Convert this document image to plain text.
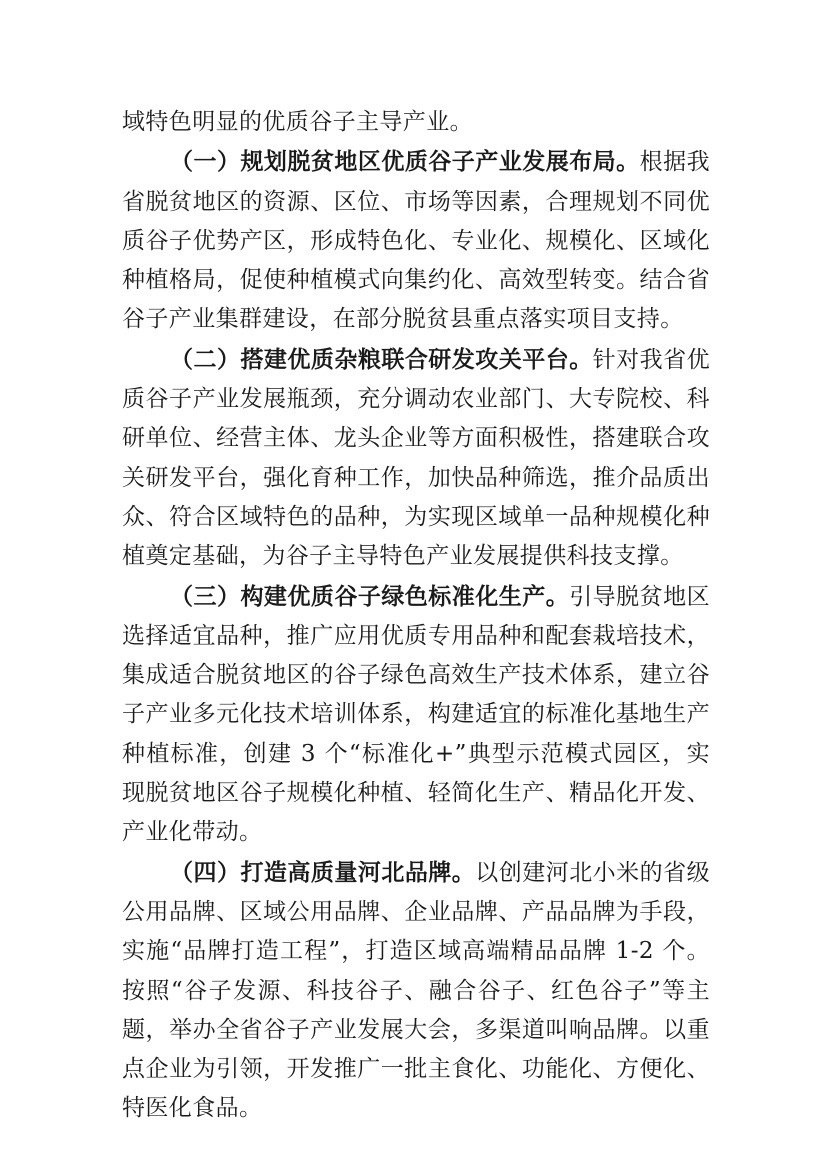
域特色明显的优质谷子主导产业。

（一）规划脱贫地区优质谷子产业发展布局。根据我省脱贫地区的资源、区位、市场等因素，合理规划不同优质谷子优势产区，形成特色化、专业化、规模化、区域化种植格局，促使种植模式向集约化、高效型转变。结合省谷子产业集群建设，在部分脱贫县重点落实项目支持。

（二）搭建优质杂粮联合研发攻关平台。针对我省优质谷子产业发展瓶颈，充分调动农业部门、大专院校、科研单位、经营主体、龙头企业等方面积极性，搭建联合攻关研发平台，强化育种工作，加快品种筛选，推介品质出众、符合区域特色的品种，为实现区域单一品种规模化种植奠定基础，为谷子主导特色产业发展提供科技支撑。

（三）构建优质谷子绿色标准化生产。引导脱贫地区选择适宜品种，推广应用优质专用品种和配套栽培技术，集成适合脱贫地区的谷子绿色高效生产技术体系，建立谷子产业多元化技术培训体系，构建适宜的标准化基地生产种植标准，创建 3 个“标准化+”典型示范模式园区，实现脱贫地区谷子规模化种植、轻简化生产、精品化开发、产业化带动。

（四）打造高质量河北品牌。以创建河北小米的省级公用品牌、区域公用品牌、企业品牌、产品品牌为手段，实施“品牌打造工程”，打造区域高端精品品牌 1-2 个。按照“谷子发源、科技谷子、融合谷子、红色谷子”等主题，举办全省谷子产业发展大会，多渠道叫响品牌。以重点企业为引领，开发推广一批主食化、功能化、方便化、特医化食品。
